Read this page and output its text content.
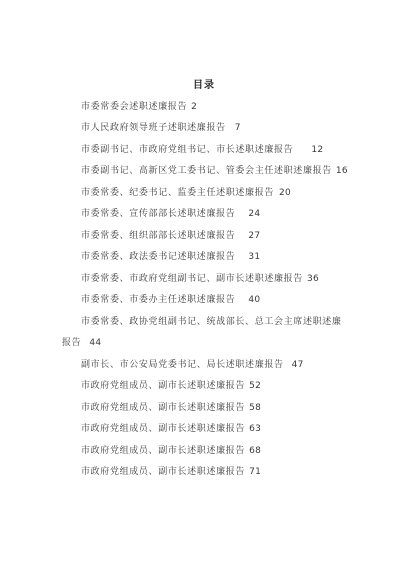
目录
市委常委会述职述廉报告 2
市人民政府领导班子述职述廉报告 7
市委副书记、市政府党组书记、市长述职述廉报告 12
市委副书记、高新区党工委书记、管委会主任述职述廉报告 16
市委常委、纪委书记、监委主任述职述廉报告 20
市委常委、宣传部部长述职述廉报告 24
市委常委、组织部部长述职述廉报告 27
市委常委、政法委书记述职述廉报告 31
市委常委、市政府党组副书记、副市长述职述廉报告 36
市委常委、市委办主任述职述廉报告 40
市委常委、政协党组副书记、统战部长、总工会主席述职述廉
报告 44
副市长、市公安局党委书记、局长述职述廉报告 47
市政府党组成员、副市长述职述廉报告 52
市政府党组成员、副市长述职述廉报告 58
市政府党组成员、副市长述职述廉报告 63
市政府党组成员、副市长述职述廉报告 68
市政府党组成员、副市长述职述廉报告 71
